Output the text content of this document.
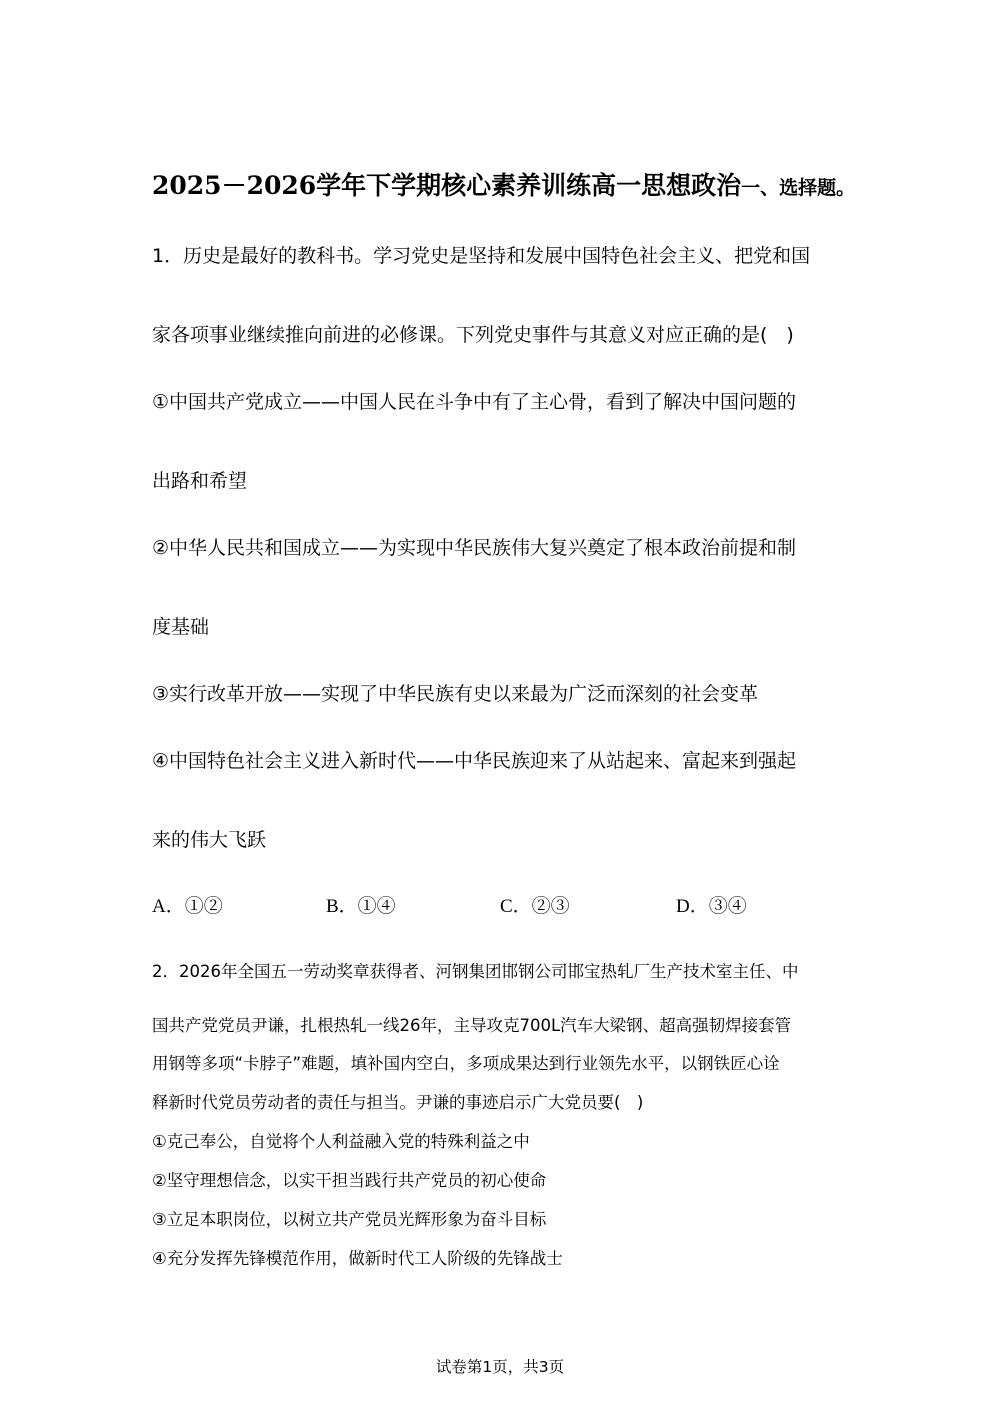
2025－2026学年下学期核心素养训练高一思想政治一、选择题。
1．历史是最好的教科书。学习党史是坚持和发展中国特色社会主义、把党和国
家各项事业继续推向前进的必修课。下列党史事件与其意义对应正确的是(　)
①中国共产党成立——中国人民在斗争中有了主心骨，看到了解决中国问题的
出路和希望
②中华人民共和国成立——为实现中华民族伟大复兴奠定了根本政治前提和制
度基础
③实行改革开放——实现了中华民族有史以来最为广泛而深刻的社会变革
④中国特色社会主义进入新时代——中华民族迎来了从站起来、富起来到强起
来的伟大飞跃
A．①②	B．①④	C．②③	D．③④
2．2026年全国五一劳动奖章获得者、河钢集团邯钢公司邯宝热轧厂生产技术室主任、中
国共产党党员尹谦，扎根热轧一线26年，主导攻克700L汽车大梁钢、超高强韧焊接套管
用钢等多项“卡脖子”难题，填补国内空白，多项成果达到行业领先水平，以钢铁匠心诠
释新时代党员劳动者的责任与担当。尹谦的事迹启示广大党员要(　)
①克己奉公，自觉将个人利益融入党的特殊利益之中
②坚守理想信念，以实干担当践行共产党员的初心使命
③立足本职岗位，以树立共产党员光辉形象为奋斗目标
④充分发挥先锋模范作用，做新时代工人阶级的先锋战士
试卷第1页，共3页
